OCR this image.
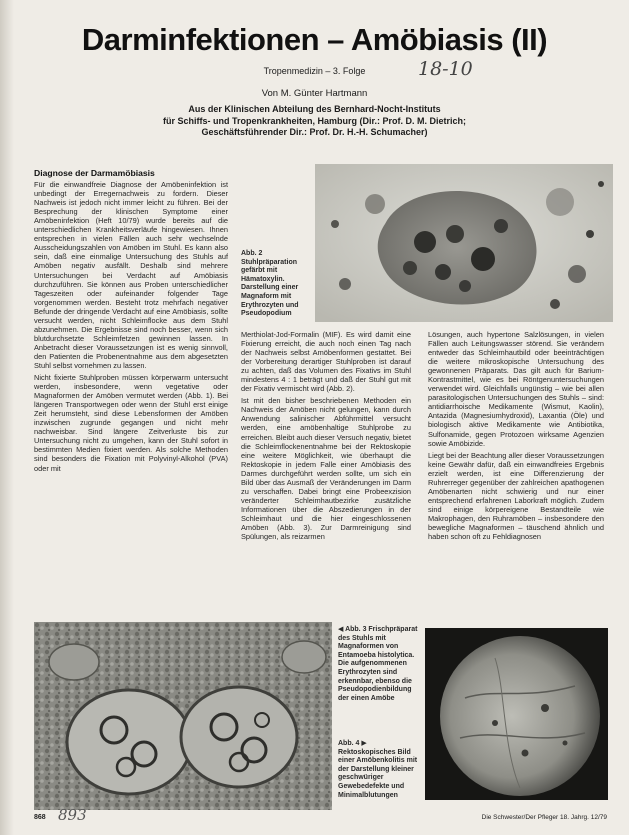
Darminfektionen – Amöbiasis (II)
Tropenmedizin – 3. Folge	18-10
Von M. Günter Hartmann
Aus der Klinischen Abteilung des Bernhard-Nocht-Instituts
für Schiffs- und Tropenkrankheiten, Hamburg (Dir.: Prof. D. M. Dietrich;
Geschäftsführender Dir.: Prof. Dr. H.-H. Schumacher)
Diagnose der Darmamöbiasis

Für die einwandfreie Diagnose der Amöbeninfektion ist unbedingt der Erregernachweis zu fordern. Dieser Nachweis ist jedoch nicht immer leicht zu führen. Bei der Besprechung der klinischen Symptome einer Amöbeninfektion (Heft 10/79) wurde bereits auf die unterschiedlichen Krankheitsverläufe hingewiesen. Ihnen entsprechen in vielen Fällen auch sehr wechselnde Ausscheidungszahlen von Amöben im Stuhl. Es kann also sein, daß eine einmalige Untersuchung des Stuhls auf Amöben negativ ausfällt. Deshalb sind mehrere Untersuchungen bei Verdacht auf Amöbiasis durchzuführen. Sie können aus Proben unterschiedlicher Tageszeiten oder aufeinander folgender Tage vorgenommen werden. Besteht trotz mehrfach negativer Befunde der dringende Verdacht auf eine Amöbiasis, sollte versucht werden, nicht Schleimflocke aus dem Stuhl abzunehmen. Die Ergebnisse sind noch besser, wenn sich blutdurchsetzte Schleimfetzen gewinnen lassen. In Anbetracht dieser Voraussetzungen ist es wenig sinnvoll, den Patienten die Probenentnahme aus dem abgesetzten Stuhl selbst vornehmen zu lassen.

Nicht fixierte Stuhlproben müssen körperwarm untersucht werden, insbesondere, wenn vegetative oder Magnaformen der Amöben vermutet werden (Abb. 1). Bei längeren Transportwegen oder wenn der Stuhl erst einige Zeit herumsteht, sind diese Lebensformen der Amöben inzwischen zugrunde gegangen und nicht mehr nachweisbar. Sind längere Zeitverluste bis zur Untersuchung nicht zu umgehen, kann der Stuhl sofort in bestimmten Medien fixiert werden. Als solche Methoden sind besonders die Fixation mit Polyvinyl-Alkohol (PVA) oder mit

Abb. 2 Stuhlpräparation gefärbt mit Hämatoxylin. Darstellung einer Magnaform mit Erythrozyten und Pseudopodium

Merthiolat-Jod-Formalin (MIF). Es wird damit eine Fixierung erreicht, die auch noch einen Tag nach der Nachweis selbst Amöbenformen gestattet. Bei der Vorbereitung derartiger Stuhlproben ist darauf zu achten, daß das Volumen des Fixativs im Stuhl mindestens 4 : 1 beträgt und daß der Stuhl gut mit der Fixativ vermischt wird (Abb. 2).

Ist mit den bisher beschriebenen Methoden ein Nachweis der Amöben nicht gelungen, kann durch Anwendung salinischer Abführmittel versucht werden, eine amöbenhaltige Stuhlprobe zu erreichen. Bleibt auch dieser Versuch negativ, bietet die Schleimflockenentnahme bei der Rektoskopie eine weitere Möglichkeit, wie überhaupt die Rektoskopie in jedem Falle einer Amöbiasis des Darmes durchgeführt werden sollte, um sich ein Bild über das Ausmaß der Veränderungen im Darm zu verschaffen. Dabei bringt eine Probeexzision veränderter Schleimhautbezirke zusätzliche Informationen über die Abszedierungen in der Schleimhaut und die hier eingeschlossenen Amöben (Abb. 3). Zur Darmreinigung sind Spülungen, als reizarmen

Lösungen, auch hypertone Salzlösungen, in vielen Fällen auch Leitungswasser störend. Sie verändern entweder das Schleimhautbild oder beeinträchtigen die weitere mikroskopische Untersuchung des gewonnenen Präparats. Das gilt auch für Barium-Kontrastmittel, wie es bei Röntgenuntersuchungen verwendet wird. Gleichfalls ungünstig – wie bei allen parasitologischen Untersuchungen des Stuhls – sind: antidiarrhoische Medikamente (Wismut, Kaolin), Antazida (Magnesiumhydroxid), Laxantia (Öle) und biologisch aktive Medikamente wie Antibiotika, Sulfonamide, gegen Protozoen wirksame Agenzien sowie Amöbizide.

Liegt bei der Beachtung aller dieser Voraussetzungen keine Gewähr dafür, daß ein einwandfreies Ergebnis erzielt werden, ist eine Differenzierung der Ruhrerreger gegenüber der zahlreichen apathogenen Amöbenarten nicht schwierig und nur einer entsprechend erfahrenen Laborkraft möglich. Zudem sind einige körpereigene Bestandteile wie Makrophagen, den Ruhramöben – insbesondere den bewegliche Magnaformen – täuschend ähnlich und haben schon oft zu Fehldiagnosen

◀ Abb. 3 Frischpräparat des Stuhls mit Magnaformen von Entamoeba histolytica. Die aufgenommenen Erythrozyten sind erkennbar, ebenso die Pseudopodienbildung der einen Amöbe
Abb. 4 ▶ Rektoskopisches Bild einer Amöbenkolitis mit der Darstellung kleiner geschwüriger Gewebedefekte und Minimalblutungen
868 893	Die Schwester/Der Pfleger 18. Jahrg. 12/79
